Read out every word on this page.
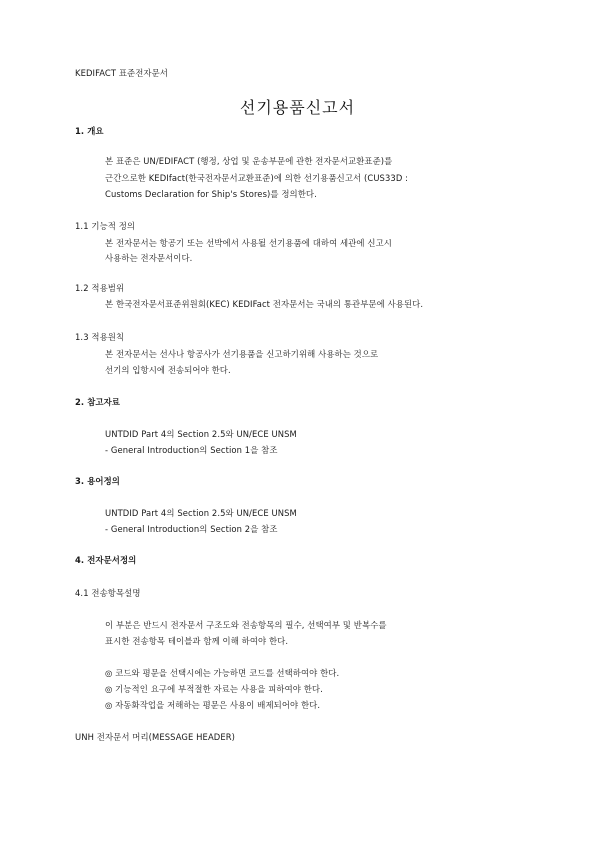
KEDIFACT 표준전자문서
선기용품신고서
1. 개요
본 표준은 UN/EDIFACT (행정, 상업 및 운송부문에 관한 전자문서교환표준)를
근간으로한 KEDIfact(한국전자문서교환표준)에 의한 선기용품신고서 (CUS33D :
Customs Declaration for Ship's Stores)를 정의한다.
1.1 기능적 정의
본 전자문서는 항공기 또는 선박에서 사용될 선기용품에 대하여 세관에 신고시
사용하는 전자문서이다.
1.2 적용범위
본 한국전자문서표준위원회(KEC) KEDIFact 전자문서는 국내의 통관부문에 사용된다.
1.3 적용원칙
본 전자문서는 선사나 항공사가 선기용품을 신고하기위해 사용하는 것으로
선기의 입항시에 전송되어야 한다.
2. 참고자료
UNTDID Part 4의 Section 2.5와 UN/ECE UNSM
- General Introduction의 Section 1을 참조
3. 용어정의
UNTDID Part 4의 Section 2.5와 UN/ECE UNSM
- General Introduction의 Section 2을 참조
4. 전자문서정의
4.1 전송항목설명
이 부분은 반드시 전자문서 구조도와 전송항목의 필수, 선택여부 및 반복수를
표시한 전송항목 테이블과 함께 이해 하여야 한다.
◎ 코드와 평문을 선택시에는 가능하면 코드를 선택하여야 한다.
◎ 기능적인 요구에 부적절한 자료는 사용을 피하여야 한다.
◎ 자동화작업을 저해하는 평문은 사용이 배제되어야 한다.
UNH 전자문서 머리(MESSAGE HEADER)
